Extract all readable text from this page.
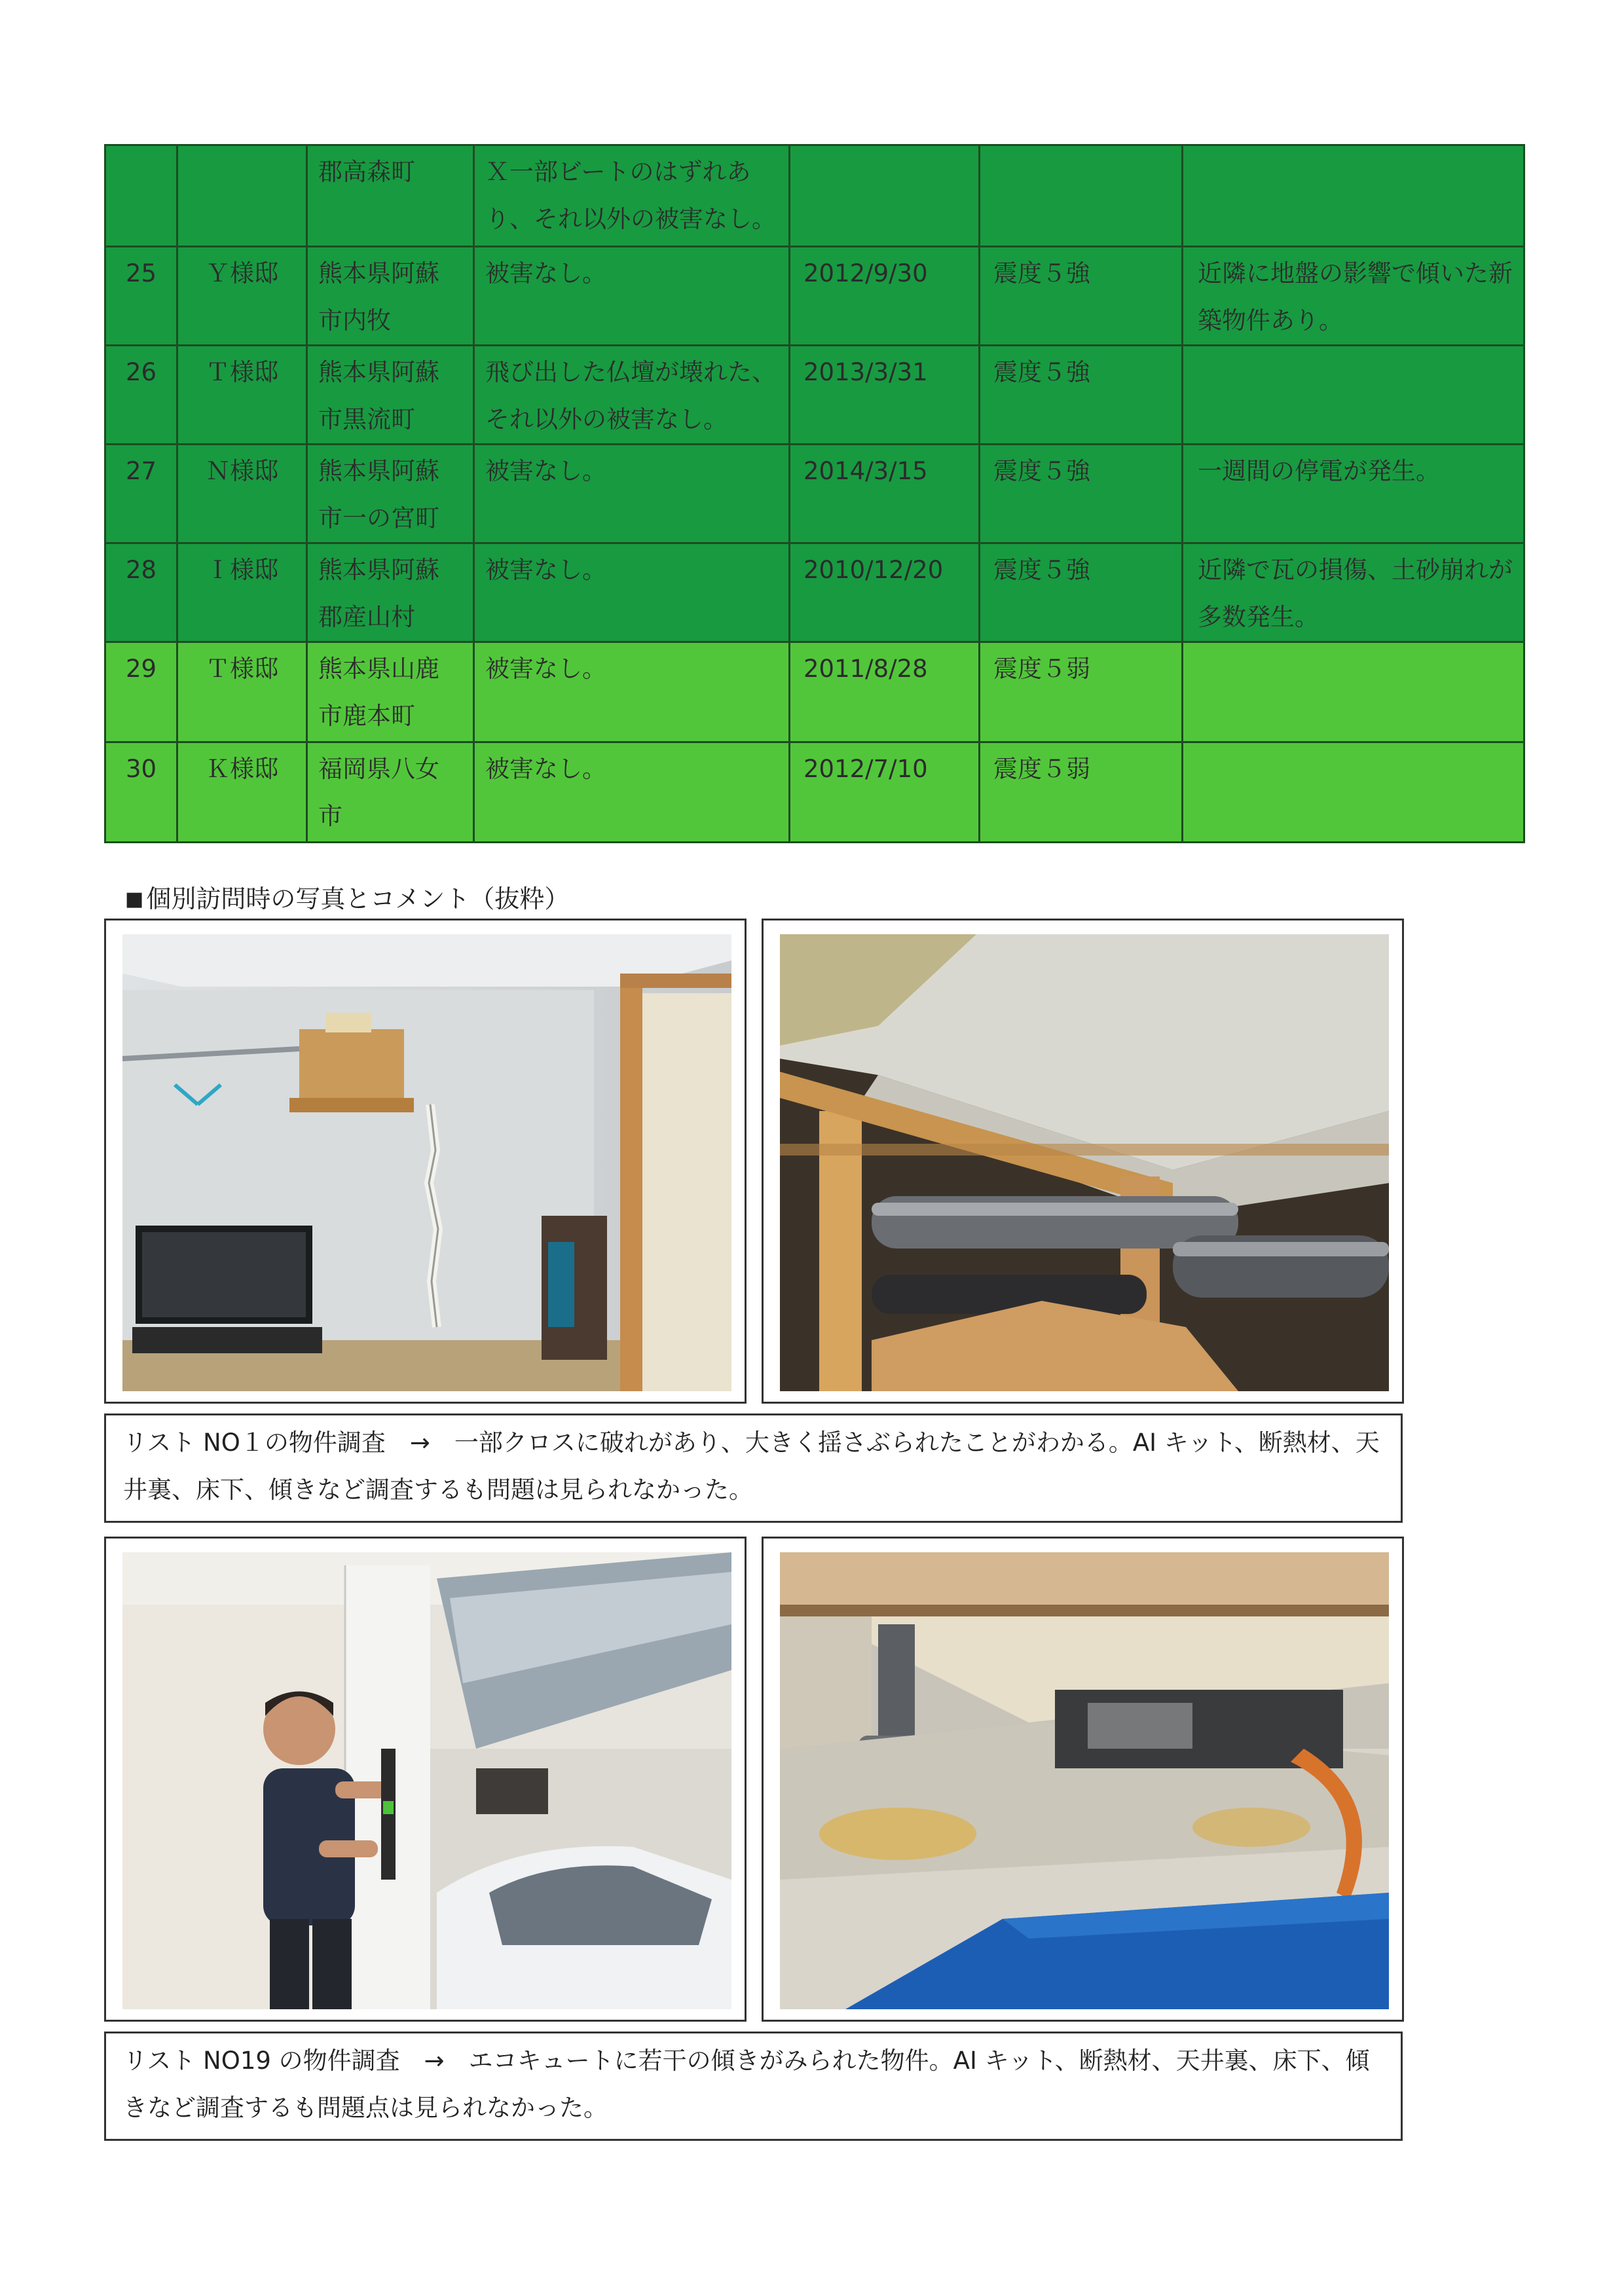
		郡高森町	Ｘ一部ビートのはずれあり、それ以外の被害なし。			
25	Ｙ様邸	熊本県阿蘇市内牧	被害なし。	2012/9/30	震度５強	近隣に地盤の影響で傾いた新築物件あり。
26	Ｔ様邸	熊本県阿蘇市黒流町	飛び出した仏壇が壊れた、それ以外の被害なし。	2013/3/31	震度５強	
27	Ｎ様邸	熊本県阿蘇市一の宮町	被害なし。	2014/3/15	震度５強	一週間の停電が発生。
28	Ｉ様邸	熊本県阿蘇郡産山村	被害なし。	2010/12/20	震度５強	近隣で瓦の損傷、土砂崩れが多数発生。
29	Ｔ様邸	熊本県山鹿市鹿本町	被害なし。	2011/8/28	震度５弱	
30	Ｋ様邸	福岡県八女市	被害なし。	2012/7/10	震度５弱	
■ 個別訪問時の写真とコメント（抜粋）
リスト NO１の物件調査　→　一部クロスに破れがあり、大きく揺さぶられたことがわかる。AI キット、断熱材、天井裏、床下、傾きなど調査するも問題は見られなかった。
リスト NO19 の物件調査　→　エコキュートに若干の傾きがみられた物件。AI キット、断熱材、天井裏、床下、傾きなど調査するも問題点は見られなかった。
